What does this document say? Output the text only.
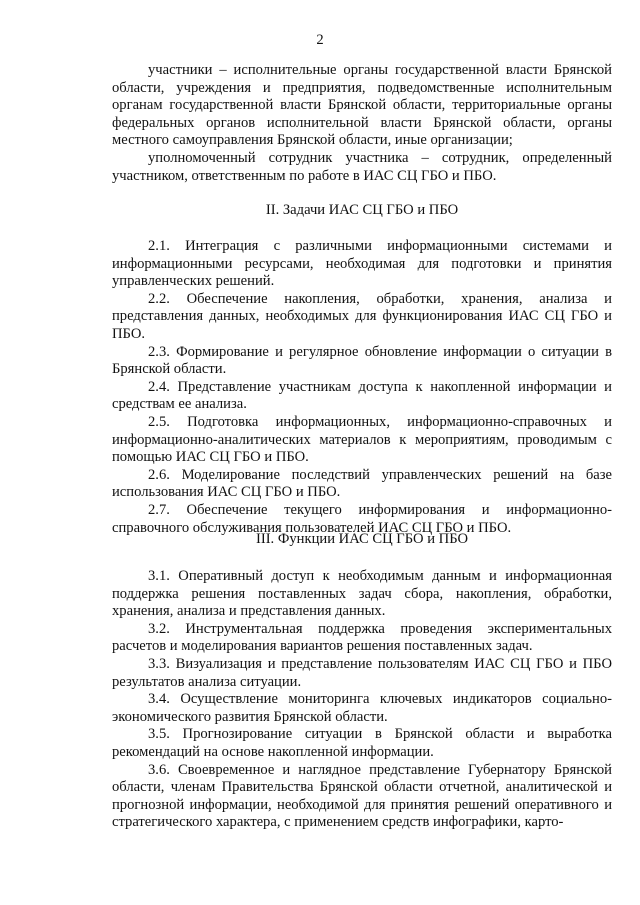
2

участники – исполнительные органы государственной власти Брянской области, учреждения и предприятия, подведомственные исполнительным органам государственной власти Брянской области, территориальные органы федеральных органов исполнительной власти Брянской области, органы местного самоуправления Брянской области, иные организации;

уполномоченный сотрудник участника – сотрудник, определенный участником, ответственным по работе в ИАС СЦ ГБО и ПБО.

II. Задачи ИАС СЦ ГБО и ПБО

2.1. Интеграция с различными информационными системами и информационными ресурсами, необходимая для подготовки и принятия управленческих решений.

2.2. Обеспечение накопления, обработки, хранения, анализа и представления данных, необходимых для функционирования ИАС СЦ ГБО и ПБО.

2.3. Формирование и регулярное обновление информации о ситуации в Брянской области.

2.4. Представление участникам доступа к накопленной информации и средствам ее анализа.

2.5. Подготовка информационных, информационно-справочных и информационно-аналитических материалов к мероприятиям, проводимым с помощью ИАС СЦ ГБО и ПБО.

2.6. Моделирование последствий управленческих решений на базе использования ИАС СЦ ГБО и ПБО.

2.7. Обеспечение текущего информирования и информационно-справочного обслуживания пользователей ИАС СЦ ГБО и ПБО.

III. Функции ИАС СЦ ГБО и ПБО

3.1. Оперативный доступ к необходимым данным и информационная поддержка решения поставленных задач сбора, накопления, обработки, хранения, анализа и представления данных.

3.2. Инструментальная поддержка проведения экспериментальных расчетов и моделирования вариантов решения поставленных задач.

3.3. Визуализация и представление пользователям ИАС СЦ ГБО и ПБО результатов анализа ситуации.

3.4. Осуществление мониторинга ключевых индикаторов социально-экономического развития Брянской области.

3.5. Прогнозирование ситуации в Брянской области и выработка рекомендаций на основе накопленной информации.

3.6. Своевременное и наглядное представление Губернатору Брянской области, членам Правительства Брянской области отчетной, аналитической и прогнозной информации, необходимой для принятия решений оперативного и стратегического характера, с применением средств инфографики, карто-
